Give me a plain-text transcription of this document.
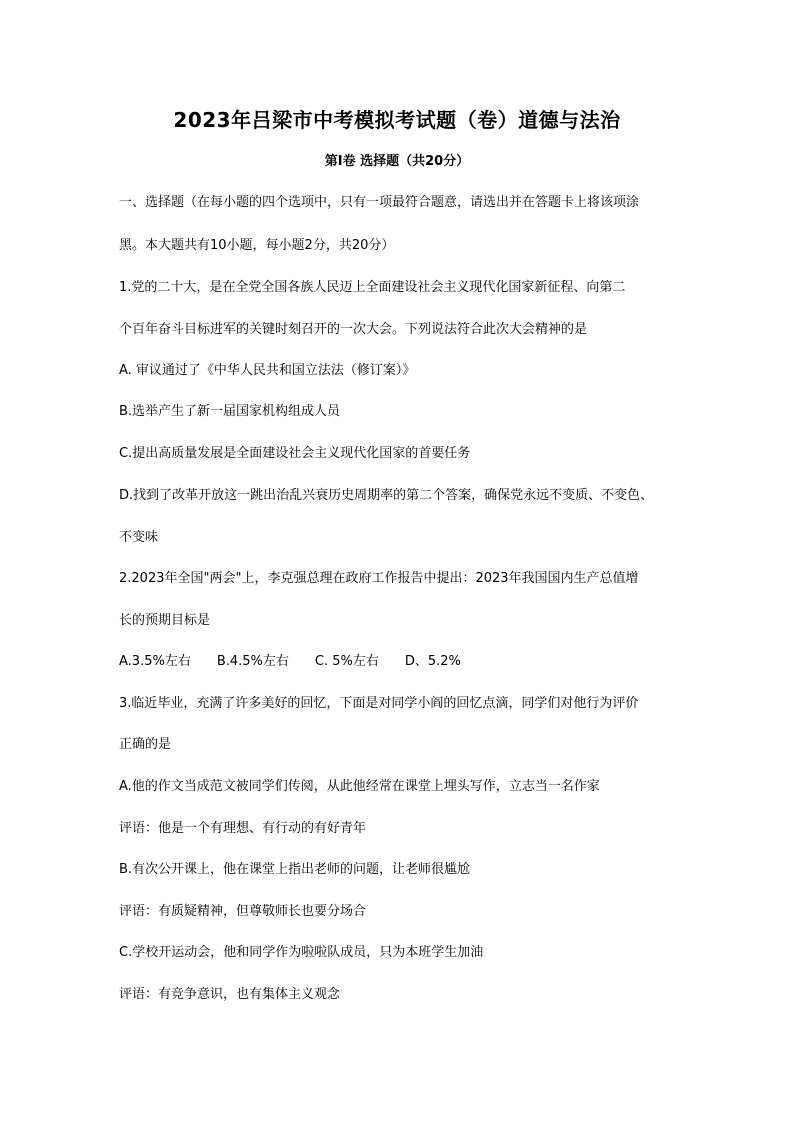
2023年吕梁市中考模拟考试题（卷）道德与法治
第Ⅰ卷 选择题（共20分）
一、选择题（在每小题的四个选项中，只有一项最符合题意，请选出并在答题卡上将该项涂
黑。本大题共有10小题，每小题2分，共20分）
1.党的二十大，是在全党全国各族人民迈上全面建设社会主义现代化国家新征程、向第二
个百年奋斗目标进军的关键时刻召开的一次大会。下列说法符合此次大会精神的是
A. 审议通过了《中华人民共和国立法法（修订案）》
B.选举产生了新一届国家机构组成人员
C.提出高质量发展是全面建设社会主义现代化国家的首要任务
D.找到了改革开放这一跳出治乱兴衰历史周期率的第二个答案，确保党永远不变质、不变色、
不变味
2.2023年全国"两会"上，李克强总理在政府工作报告中提出：2023年我国国内生产总值增
长的预期目标是
A.3.5%左右 B.4.5%左右 C. 5%左右 D、5.2%
3.临近毕业，充满了许多美好的回忆，下面是对同学小阎的回忆点滴，同学们对他行为评价
正确的是
A.他的作文当成范文被同学们传阅，从此他经常在课堂上埋头写作，立志当一名作家
评语：他是一个有理想、有行动的有好青年
B.有次公开课上，他在课堂上指出老师的问题，让老师很尴尬
评语：有质疑精神，但尊敬师长也要分场合
C.学校开运动会，他和同学作为啦啦队成员，只为本班学生加油
评语：有竞争意识，也有集体主义观念
